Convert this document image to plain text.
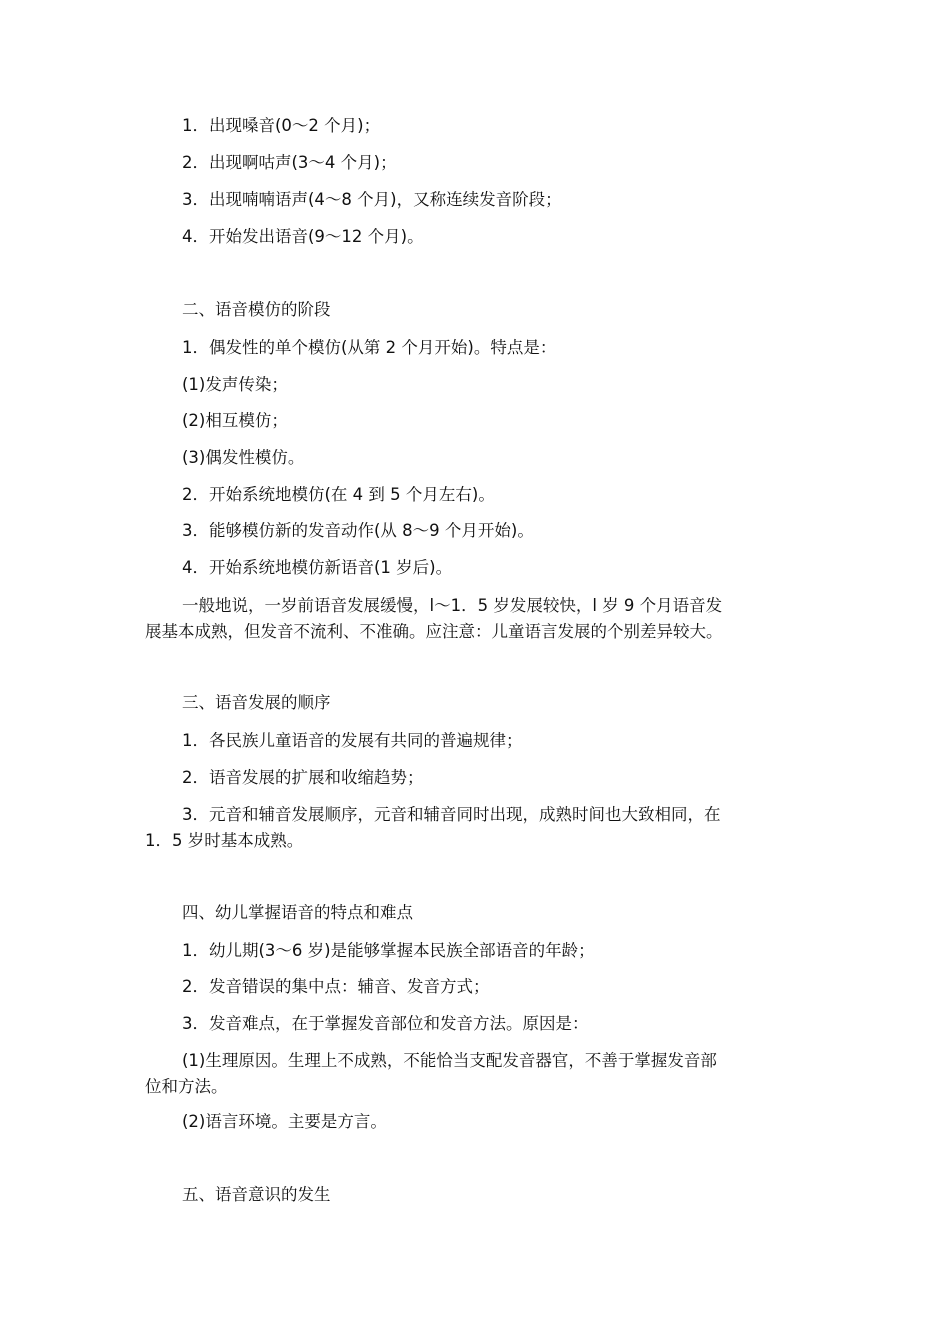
1．出现嗓音(0～2 个月)；
2．出现啊咕声(3～4 个月)；
3．出现喃喃语声(4～8 个月)，又称连续发音阶段；
4．开始发出语音(9～12 个月)。
二、语音模仿的阶段
1．偶发性的单个模仿(从第 2 个月开始)。特点是：
(1)发声传染；
(2)相互模仿；
(3)偶发性模仿。
2．开始系统地模仿(在 4 到 5 个月左右)。
3．能够模仿新的发音动作(从 8～9 个月开始)。
4．开始系统地模仿新语音(1 岁后)。
一般地说，一岁前语音发展缓慢，l～1．5 岁发展较快，l 岁 9 个月语音发
展基本成熟，但发音不流利、不准确。应注意：儿童语言发展的个别差异较大。
三、语音发展的顺序
1．各民族儿童语音的发展有共同的普遍规律；
2．语音发展的扩展和收缩趋势；
3．元音和辅音发展顺序，元音和辅音同时出现，成熟时间也大致相同，在
1．5 岁时基本成熟。
四、幼儿掌握语音的特点和难点
1．幼儿期(3～6 岁)是能够掌握本民族全部语音的年龄；
2．发音错误的集中点：辅音、发音方式；
3．发音难点，在于掌握发音部位和发音方法。原因是：
(1)生理原因。生理上不成熟，不能恰当支配发音器官，不善于掌握发音部
位和方法。
(2)语言环境。主要是方言。
五、语音意识的发生
